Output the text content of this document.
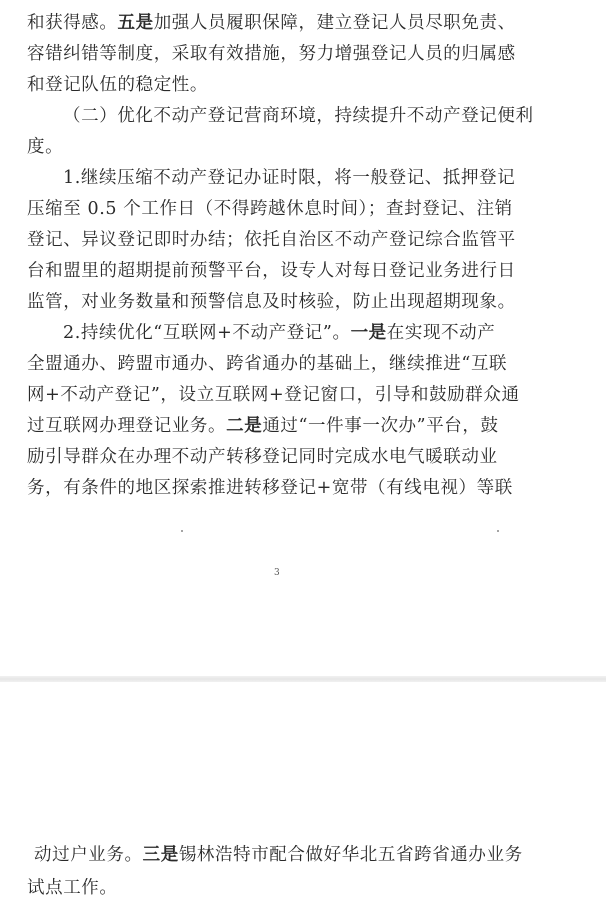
和获得感。五是加强人员履职保障，建立登记人员尽职免责、
容错纠错等制度，采取有效措施，努力增强登记人员的归属感
和登记队伍的稳定性。
（二）优化不动产登记营商环境，持续提升不动产登记便利
度。
1.继续压缩不动产登记办证时限，将一般登记、抵押登记
压缩至 0.5 个工作日（不得跨越休息时间）；查封登记、注销
登记、异议登记即时办结；依托自治区不动产登记综合监管平
台和盟里的超期提前预警平台，设专人对每日登记业务进行日
监管，对业务数量和预警信息及时核验，防止出现超期现象。
2.持续优化“互联网+不动产登记”。一是在实现不动产
全盟通办、跨盟市通办、跨省通办的基础上，继续推进“互联
网+不动产登记”，设立互联网+登记窗口，引导和鼓励群众通
过互联网办理登记业务。二是通过“一件事一次办”平台，鼓
励引导群众在办理不动产转移登记同时完成水电气暖联动业
务，有条件的地区探索推进转移登记+宽带（有线电视）等联
3
动过户业务。三是锡林浩特市配合做好华北五省跨省通办业务
试点工作。
